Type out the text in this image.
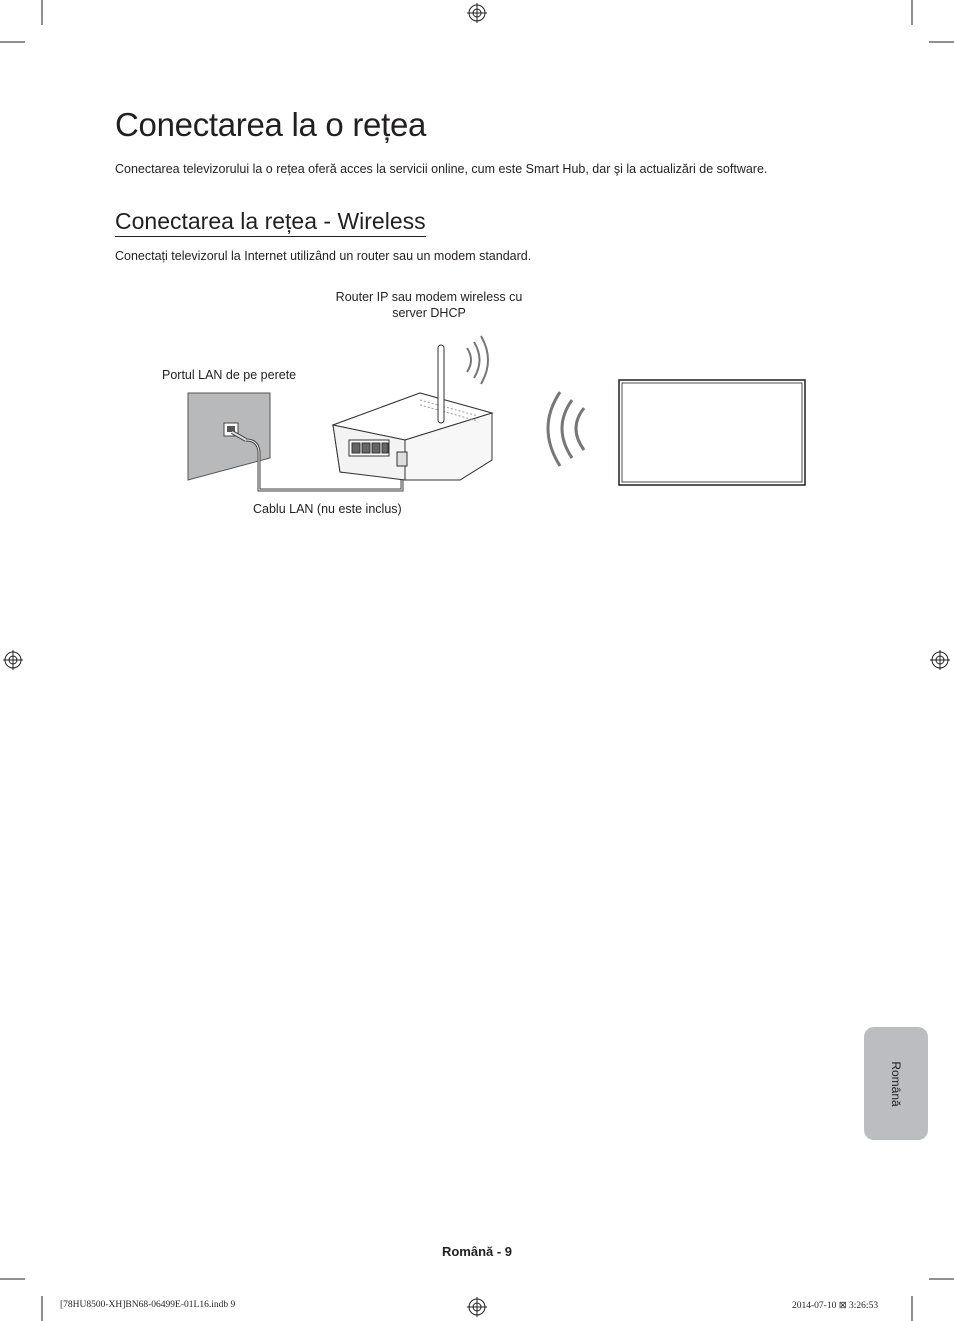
Conectarea la o rețea
Conectarea televizorului la o rețea oferă acces la servicii online, cum este Smart Hub, dar şi la actualizări de software.
Conectarea la rețea - Wireless
Conectați televizorul la Internet utilizând un router sau un modem standard.
Router IP sau modem wireless cu server DHCP
Portul LAN de pe perete
Cablu LAN (nu este inclus)
Română
Română - 9
[78HU8500-XH]BN68-06499E-01L16.indb 9	2014-07-10 ⊠ 3:26:53
